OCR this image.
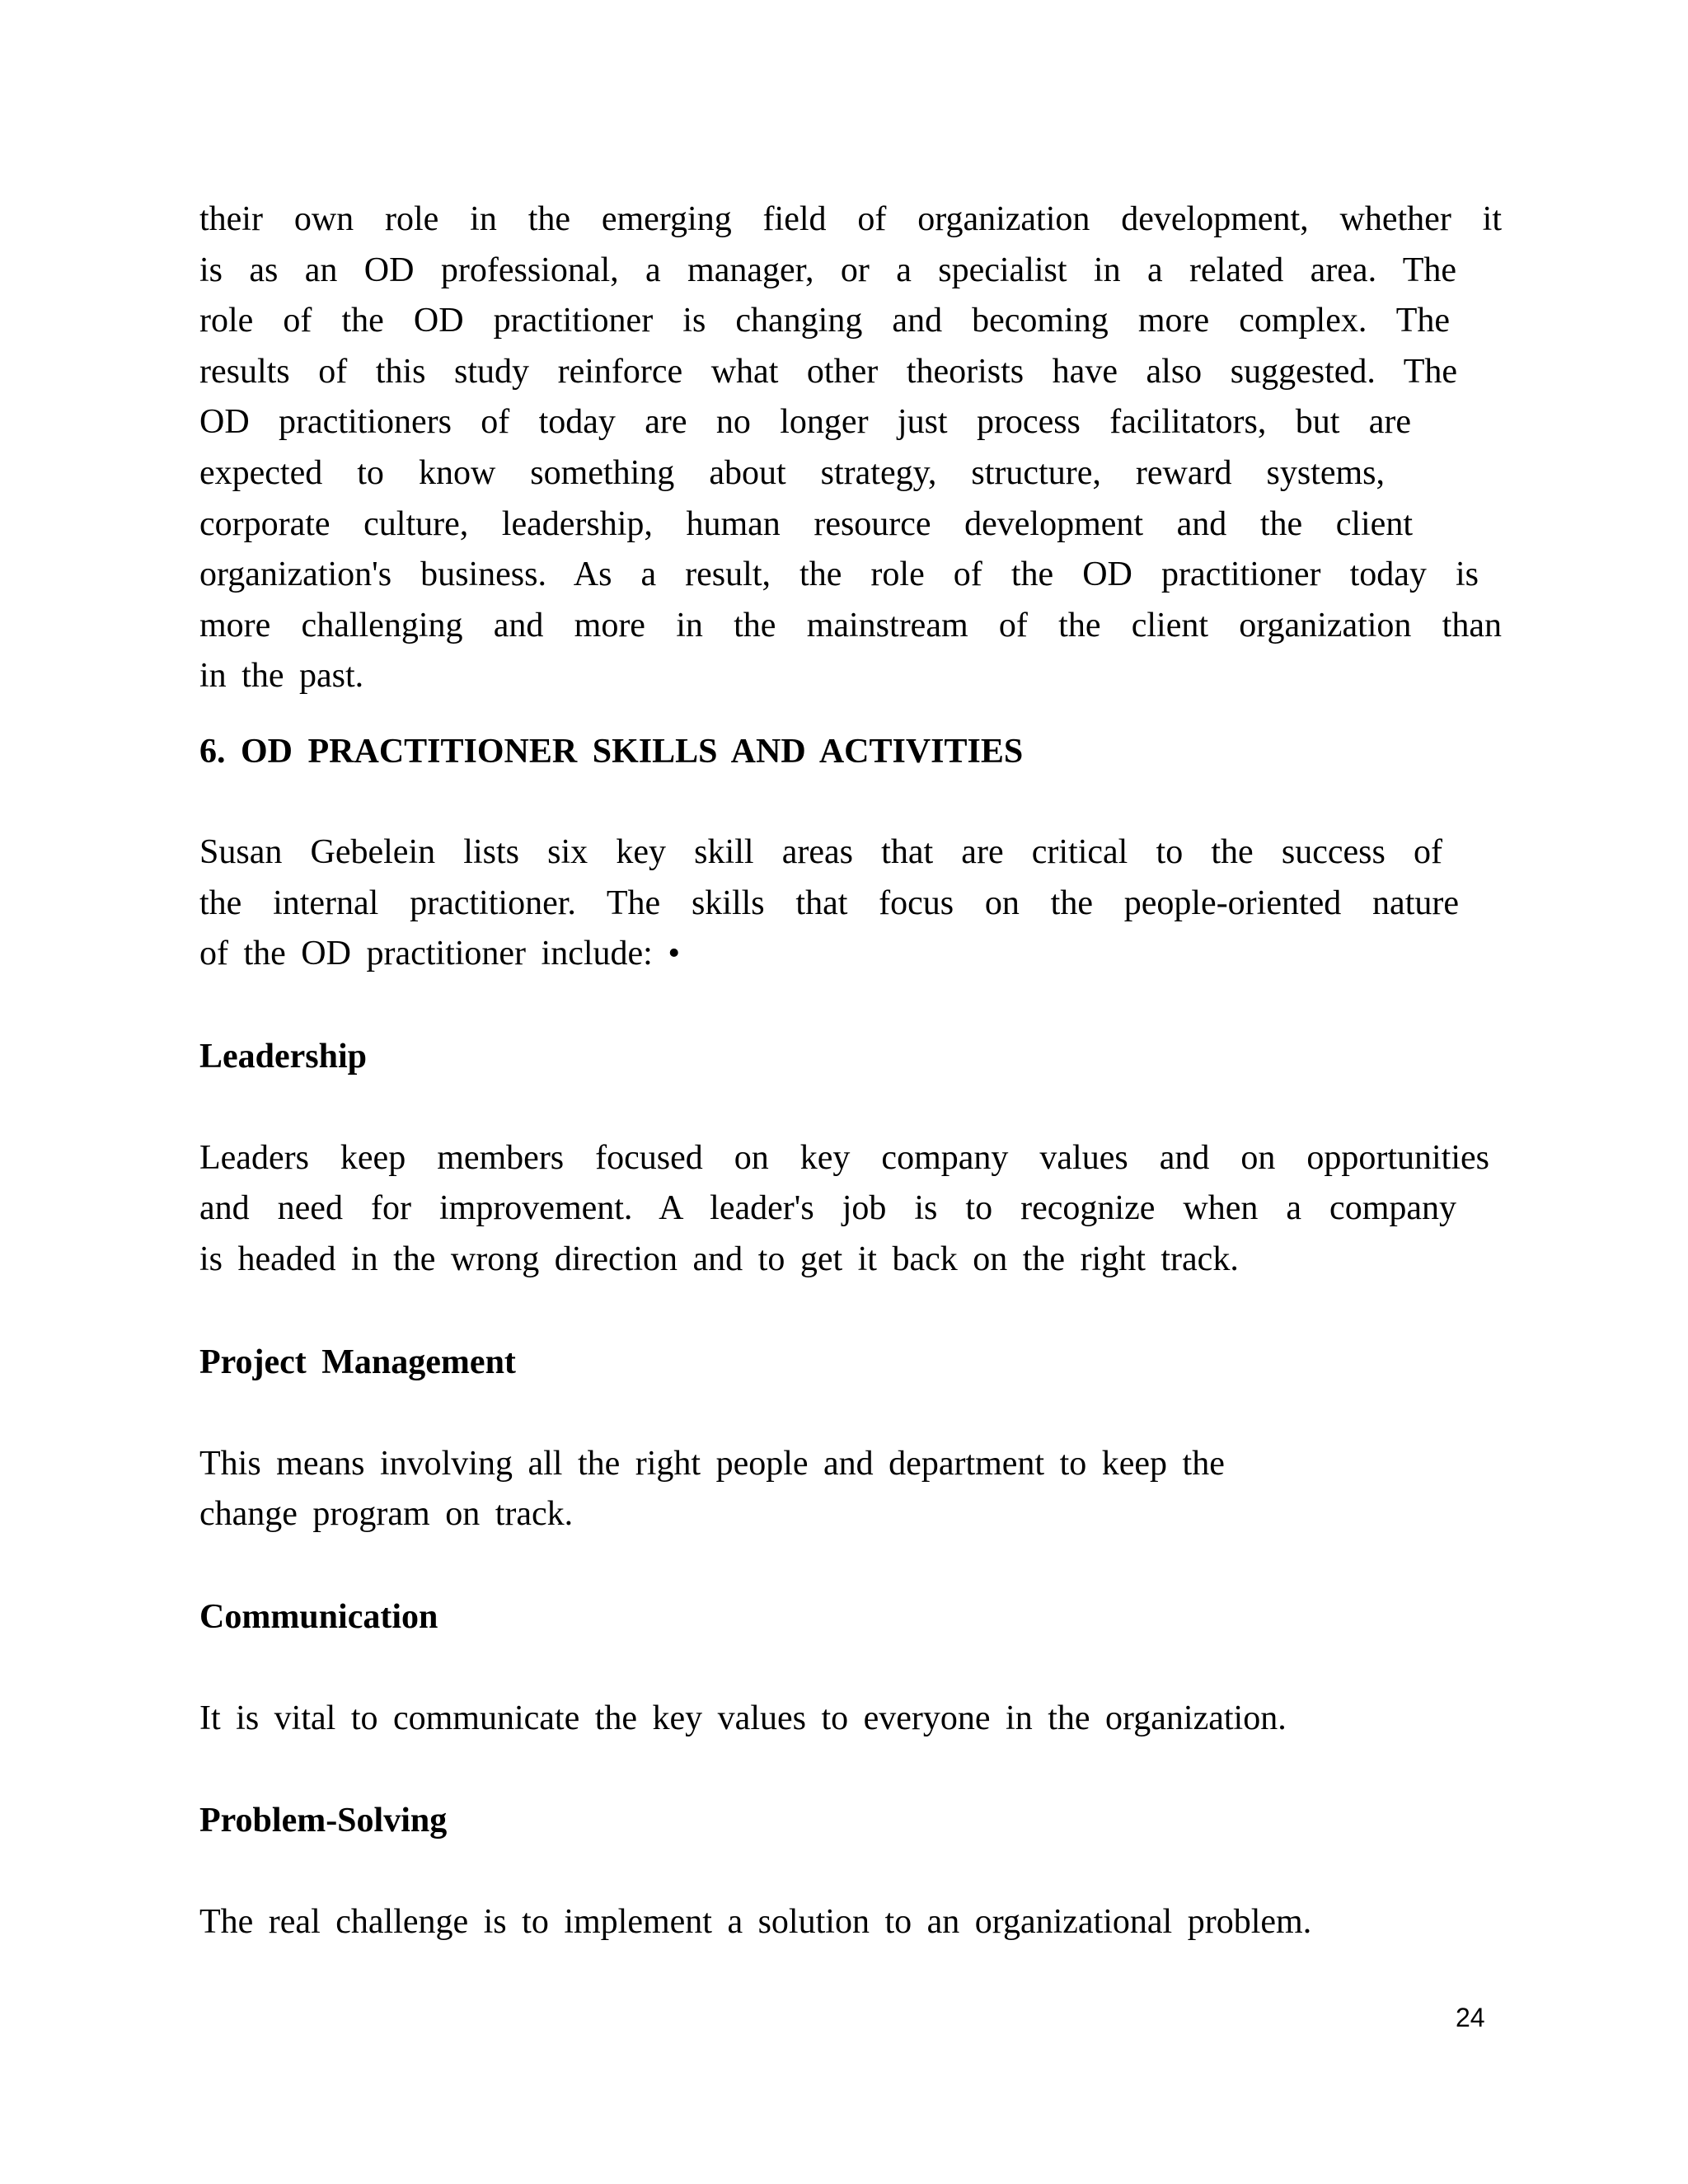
their own role in the emerging field of organization development, whether it
is as an OD professional, a manager, or a specialist in a related area. The
role of the OD practitioner is changing and becoming more complex. The
results of this study reinforce what other theorists have also suggested. The
OD practitioners of today are no longer just process facilitators, but are
expected to know something about strategy, structure, reward systems,
corporate culture, leadership, human resource development and the client
organization's business. As a result, the role of the OD practitioner today is
more challenging and more in the mainstream of the client organization than
in the past.
6. OD PRACTITIONER SKILLS AND ACTIVITIES
Susan Gebelein lists six key skill areas that are critical to the success of
the internal practitioner. The skills that focus on the people-oriented nature
of the OD practitioner include: •
Leadership
Leaders keep members focused on key company values and on opportunities
and need for improvement. A leader's job is to recognize when a company
is headed in the wrong direction and to get it back on the right track.
Project Management
This means involving all the right people and department to keep the
change program on track.
Communication
It is vital to communicate the key values to everyone in the organization.
Problem-Solving
The real challenge is to implement a solution to an organizational problem.
24
